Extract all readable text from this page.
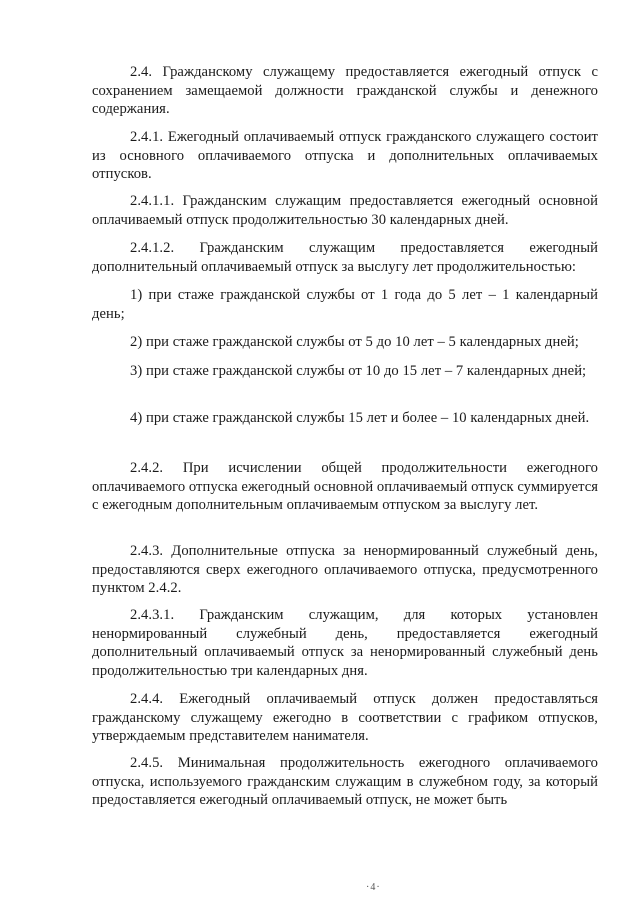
2.4. Гражданскому служащему предоставляется ежегодный отпуск с сохранением замещаемой должности гражданской службы и денежного содержания.

2.4.1. Ежегодный оплачиваемый отпуск гражданского служащего состоит из основного оплачиваемого отпуска и дополнительных оплачиваемых отпусков.

2.4.1.1. Гражданским служащим предоставляется ежегодный основной оплачиваемый отпуск продолжительностью 30 календарных дней.

2.4.1.2. Гражданским служащим предоставляется ежегодный дополнительный оплачиваемый отпуск за выслугу лет продолжительностью:

1) при стаже гражданской службы от 1 года до 5 лет – 1 календарный день;

2) при стаже гражданской службы от 5 до 10 лет – 5 календарных дней;

3) при стаже гражданской службы от 10 до 15 лет – 7 календарных дней;

4) при стаже гражданской службы 15 лет и более – 10 календарных дней.

2.4.2. При исчислении общей продолжительности ежегодного оплачиваемого отпуска ежегодный основной оплачиваемый отпуск суммируется с ежегодным дополнительным оплачиваемым отпуском за выслугу лет.

2.4.3. Дополнительные отпуска за ненормированный служебный день, предоставляются сверх ежегодного оплачиваемого отпуска, предусмотренного пунктом 2.4.2.

2.4.3.1. Гражданским служащим, для которых установлен ненормированный служебный день, предоставляется ежегодный дополнительный оплачиваемый отпуск за ненормированный служебный день продолжительностью три календарных дня.

2.4.4. Ежегодный оплачиваемый отпуск должен предоставляться гражданскому служащему ежегодно в соответствии с графиком отпусков, утверждаемым представителем нанимателя.

2.4.5. Минимальная продолжительность ежегодного оплачиваемого отпуска, используемого гражданским служащим в служебном году, за который предоставляется ежегодный оплачиваемый отпуск, не может быть

·4·
